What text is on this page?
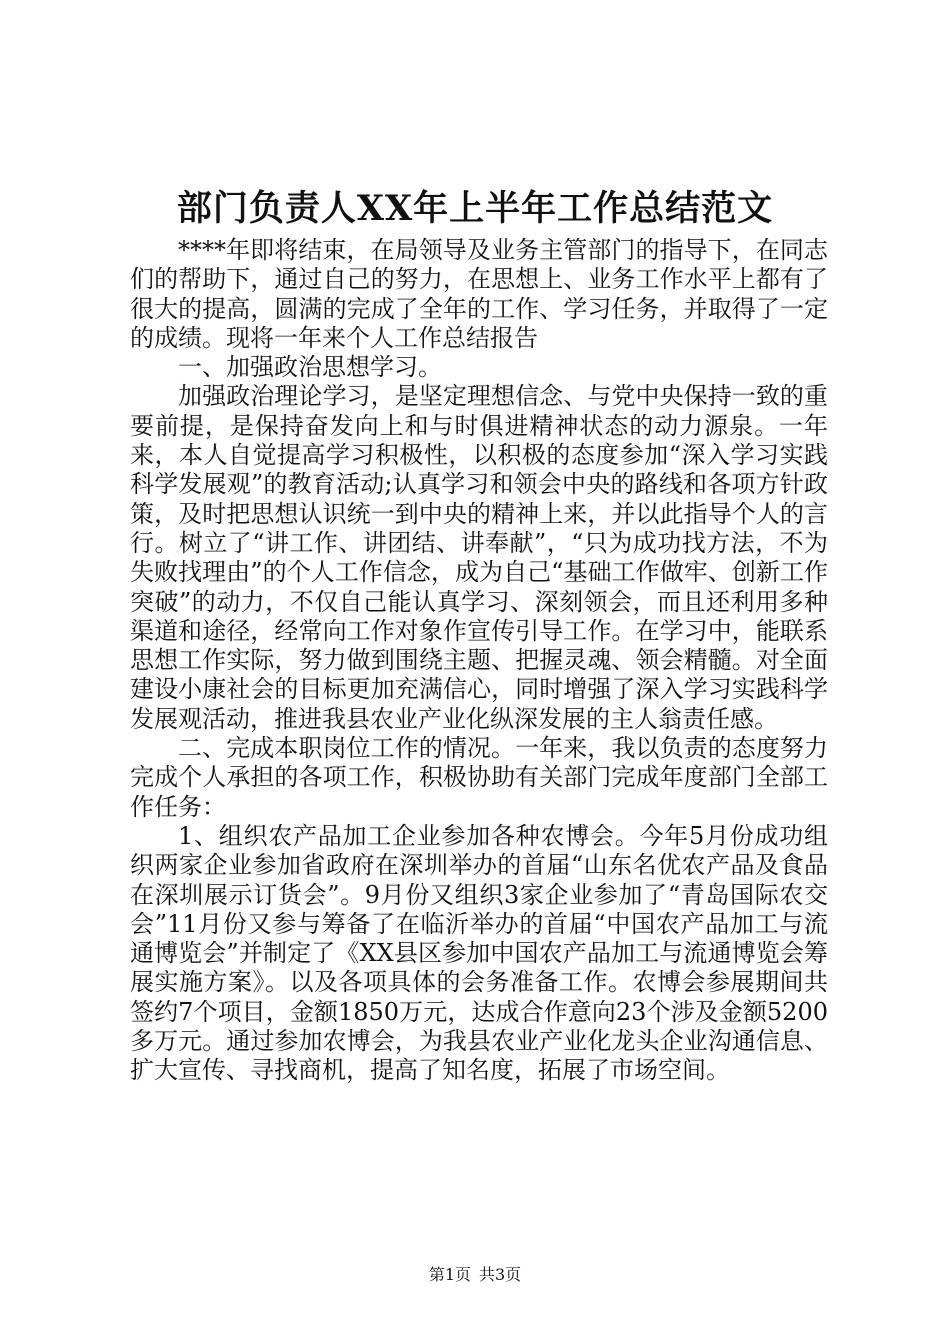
部门负责人XX年上半年工作总结范文

****年即将结束，在局领导及业务主管部门的指导下，在同志们的帮助下，通过自己的努力，在思想上、业务工作水平上都有了很大的提高，圆满的完成了全年的工作、学习任务，并取得了一定的成绩。现将一年来个人工作总结报告

一、加强政治思想学习。

加强政治理论学习，是坚定理想信念、与党中央保持一致的重要前提，是保持奋发向上和与时俱进精神状态的动力源泉。一年来，本人自觉提高学习积极性，以积极的态度参加“深入学习实践科学发展观”的教育活动;认真学习和领会中央的路线和各项方针政策，及时把思想认识统一到中央的精神上来，并以此指导个人的言行。树立了“讲工作、讲团结、讲奉献”，“只为成功找方法，不为失败找理由”的个人工作信念，成为自己“基础工作做牢、创新工作突破”的动力，不仅自己能认真学习、深刻领会，而且还利用多种渠道和途径，经常向工作对象作宣传引导工作。在学习中，能联系思想工作实际，努力做到围绕主题、把握灵魂、领会精髓。对全面建设小康社会的目标更加充满信心，同时增强了深入学习实践科学发展观活动，推进我县农业产业化纵深发展的主人翁责任感。

二、完成本职岗位工作的情况。一年来，我以负责的态度努力完成个人承担的各项工作，积极协助有关部门完成年度部门全部工作任务：

1、组织农产品加工企业参加各种农博会。今年5月份成功组织两家企业参加省政府在深圳举办的首届“山东名优农产品及食品在深圳展示订货会”。9月份又组织3家企业参加了“青岛国际农交会”11月份又参与筹备了在临沂举办的首届“中国农产品加工与流通博览会”并制定了《XX县区参加中国农产品加工与流通博览会筹展实施方案》。以及各项具体的会务准备工作。农博会参展期间共签约7个项目，金额1850万元，达成合作意向23个涉及金额5200多万元。通过参加农博会，为我县农业产业化龙头企业沟通信息、扩大宣传、寻找商机，提高了知名度，拓展了市场空间。

第1页 共3页
